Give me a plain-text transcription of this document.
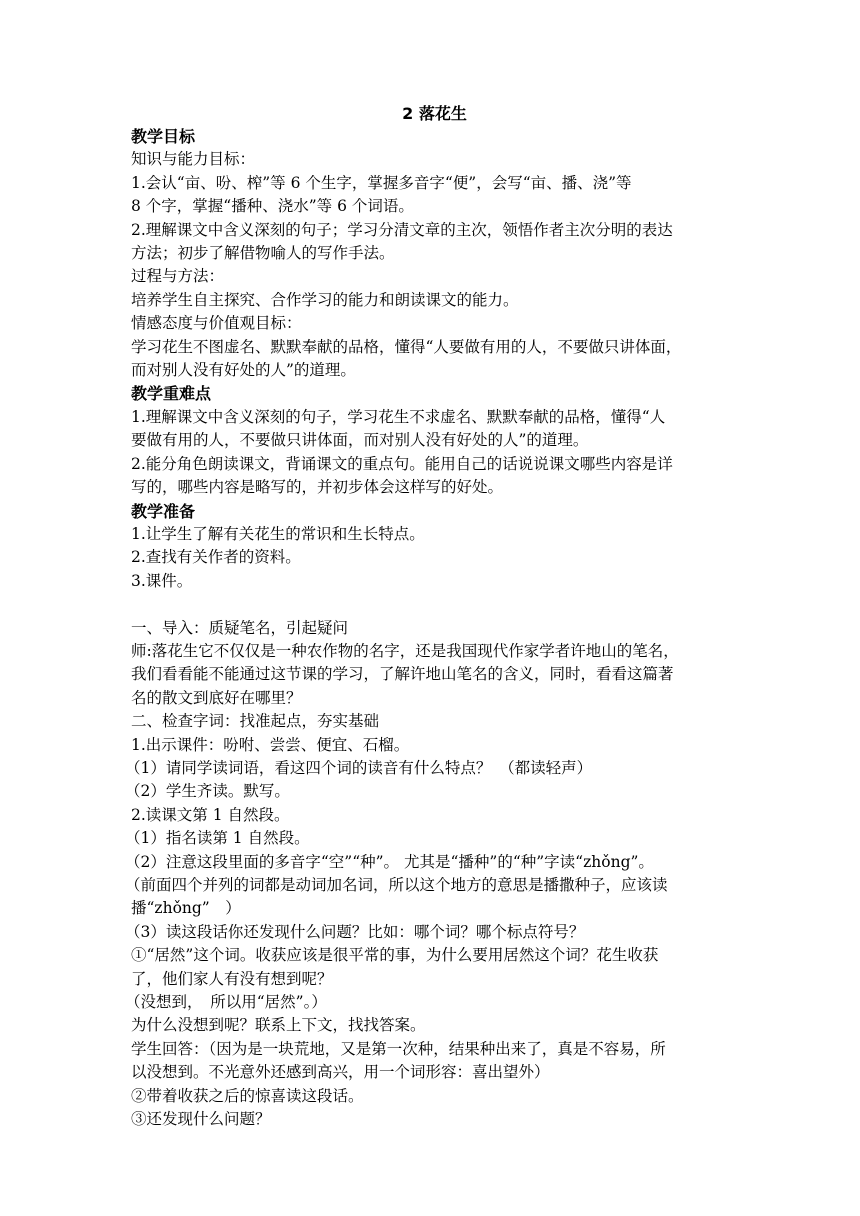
2 落花生
教学目标
知识与能力目标：
1.会认“亩、吩、榨”等 6 个生字，掌握多音字“便”，会写“亩、播、浇”等
8 个字，掌握“播种、浇水”等 6 个词语。
2.理解课文中含义深刻的句子；学习分清文章的主次，领悟作者主次分明的表达
方法；初步了解借物喻人的写作手法。
过程与方法：
培养学生自主探究、合作学习的能力和朗读课文的能力。
情感态度与价值观目标：
学习花生不图虚名、默默奉献的品格，懂得“人要做有用的人，不要做只讲体面，
而对别人没有好处的人”的道理。
教学重难点
1.理解课文中含义深刻的句子，学习花生不求虚名、默默奉献的品格，懂得“人
要做有用的人，不要做只讲体面，而对别人没有好处的人”的道理。
2.能分角色朗读课文，背诵课文的重点句。能用自己的话说说课文哪些内容是详
写的，哪些内容是略写的，并初步体会这样写的好处。
教学准备
1.让学生了解有关花生的常识和生长特点。
2.查找有关作者的资料。
3.课件。
一、导入：质疑笔名，引起疑问
师:落花生它不仅仅是一种农作物的名字，还是我国现代作家学者许地山的笔名，
我们看看能不能通过这节课的学习，了解许地山笔名的含义，同时，看看这篇著
名的散文到底好在哪里？
二、检查字词：找准起点，夯实基础
1.出示课件：吩咐、尝尝、便宜、石榴。
（1）请同学读词语，看这四个词的读音有什么特点？　（都读轻声）
（2）学生齐读。默写。
2.读课文第 1 自然段。
（1）指名读第 1 自然段。
（2）注意这段里面的多音字“空”“种”。 尤其是“播种”的“种”字读“zhǒng”。
（前面四个并列的词都是动词加名词，所以这个地方的意思是播撒种子，应该读
播“zhǒng”　）
（3）读这段话你还发现什么问题？比如：哪个词？哪个标点符号？
①“居然”这个词。收获应该是很平常的事，为什么要用居然这个词？花生收获
了，他们家人有没有想到呢？
（没想到，　所以用“居然”。）
为什么没想到呢？联系上下文，找找答案。
学生回答：（因为是一块荒地，又是第一次种，结果种出来了，真是不容易，所
以没想到。不光意外还感到高兴，用一个词形容：喜出望外）
②带着收获之后的惊喜读这段话。
③还发现什么问题？
